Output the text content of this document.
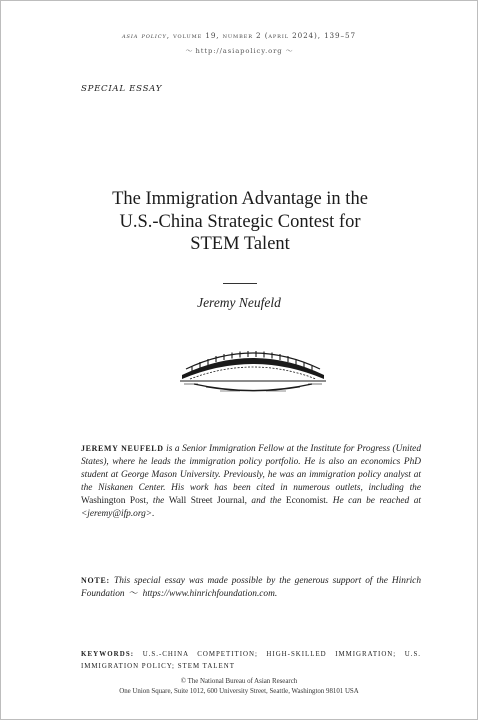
asia policy, volume 19, number 2 (april 2024), 139–57
〜 http://asiapolicy.org 〜
SPECIAL ESSAY
The Immigration Advantage in the
U.S.-China Strategic Contest for
STEM Talent
Jeremy Neufeld
JEREMY NEUFELD is a Senior Immigration Fellow at the Institute for Progress (United States), where he leads the immigration policy portfolio. He is also an economics PhD student at George Mason University. Previously, he was an immigration policy analyst at the Niskanen Center. His work has been cited in numerous outlets, including the Washington Post, the Wall Street Journal, and the Economist. He can be reached at <jeremy@ifp.org>.
NOTE: This special essay was made possible by the generous support of the Hinrich Foundation 〜 https://www.hinrichfoundation.com.
KEYWORDS: U.S.-CHINA COMPETITION; HIGH-SKILLED IMMIGRATION; U.S. IMMIGRATION POLICY; STEM TALENT
© The National Bureau of Asian Research
One Union Square, Suite 1012, 600 University Street, Seattle, Washington 98101 USA
